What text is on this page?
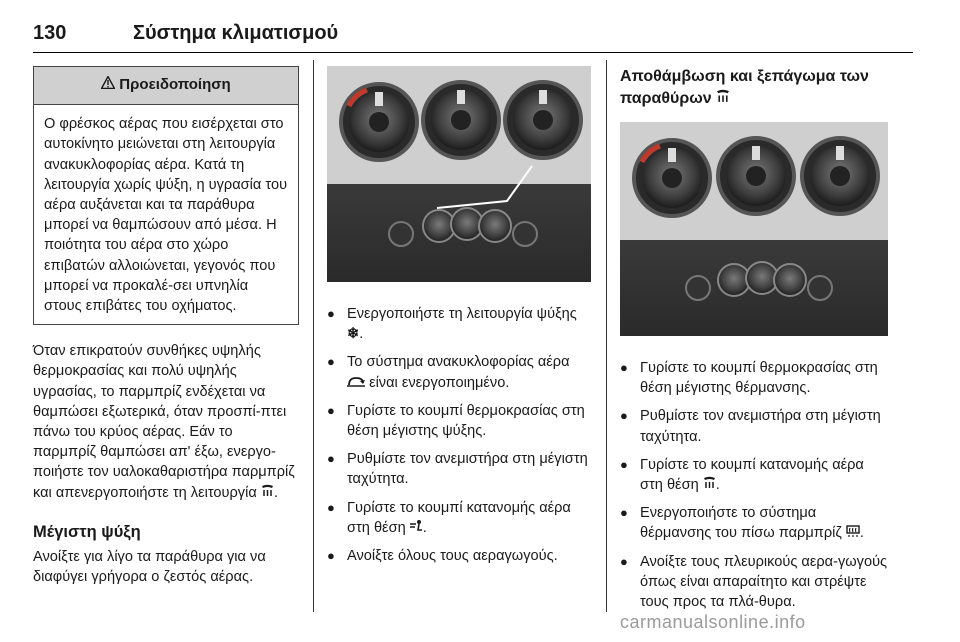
130	Σύστημα κλιματισμού
Προειδοποίηση
Ο φρέσκος αέρας που εισέρχεται στο αυτοκίνητο μειώνεται στη λειτουργία ανακυκλοφορίας αέρα. Κατά τη λειτουργία χωρίς ψύξη, η υγρασία του αέρα αυξάνεται και τα παράθυρα μπορεί να θαμπώσουν από μέσα. Η ποιότητα του αέρα στο χώρο επιβατών αλλοιώνεται, γεγονός που μπορεί να προκαλέ-σει υπνηλία στους επιβάτες του οχήματος.

Όταν επικρατούν συνθήκες υψηλής θερμοκρασίας και πολύ υψηλής υγρασίας, το παρμπρίζ ενδέχεται να θαμπώσει εξωτερικά, όταν προσπί-πτει πάνω του κρύος αέρας. Εάν το παρμπρίζ θαμπώσει απ' έξω, ενεργο-ποιήστε τον υαλοκαθαριστήρα παρμπρίζ και απενεργοποιήστε τη λειτουργία .

Μέγιστη ψύξη

Ανοίξτε για λίγο τα παράθυρα για να διαφύγει γρήγορα ο ζεστός αέρας.

● Ενεργοποιήστε τη λειτουργία ψύξης ❄.
● Το σύστημα ανακυκλοφορίας αέρα  είναι ενεργοποιημένο.
● Γυρίστε το κουμπί θερμοκρασίας στη θέση μέγιστης ψύξης.
● Ρυθμίστε τον ανεμιστήρα στη μέγιστη ταχύτητα.
● Γυρίστε το κουμπί κατανομής αέρα στη θέση .
● Ανοίξτε όλους τους αεραγωγούς.
Αποθάμβωση και ξεπάγωμα των παραθύρων
● Γυρίστε το κουμπί θερμοκρασίας στη θέση μέγιστης θέρμανσης.
● Ρυθμίστε τον ανεμιστήρα στη μέγιστη ταχύτητα.
● Γυρίστε το κουμπί κατανομής αέρα στη θέση .
● Ενεργοποιήστε το σύστημα θέρμανσης του πίσω παρμπρίζ .
● Ανοίξτε τους πλευρικούς αερα-γωγούς όπως είναι απαραίτητο και στρέψτε τους προς τα πλά-θυρα.
carmanualsonline.info
